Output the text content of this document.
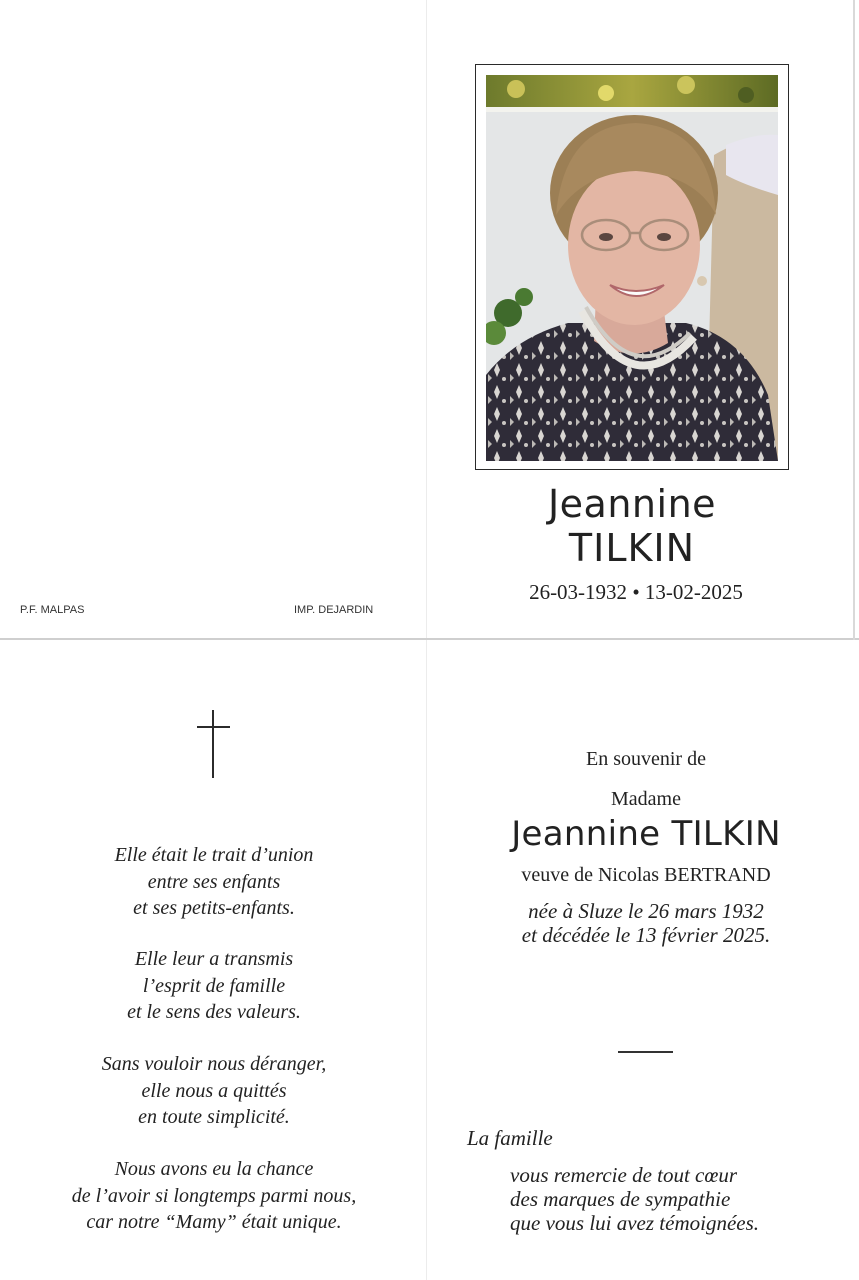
P.F. MALPAS	IMP. DEJARDIN
Jeannine
TILKIN
26-03-1932 • 13-02-2025

Elle était le trait d’union

entre ses enfants

et ses petits-enfants.

Elle leur a transmis

l’esprit de famille

et le sens des valeurs.

Sans vouloir nous déranger,

elle nous a quittés

en toute simplicité.

Nous avons eu la chance

de l’avoir si longtemps parmi nous,

car notre “Mamy” était unique.

En souvenir de
Madame
Jeannine TILKIN
veuve de Nicolas BERTRAND
née à Sluze le 26 mars 1932
et décédée le 13 février 2025.
La famille

vous remercie de tout cœur

des marques de sympathie

que vous lui avez témoignées.
